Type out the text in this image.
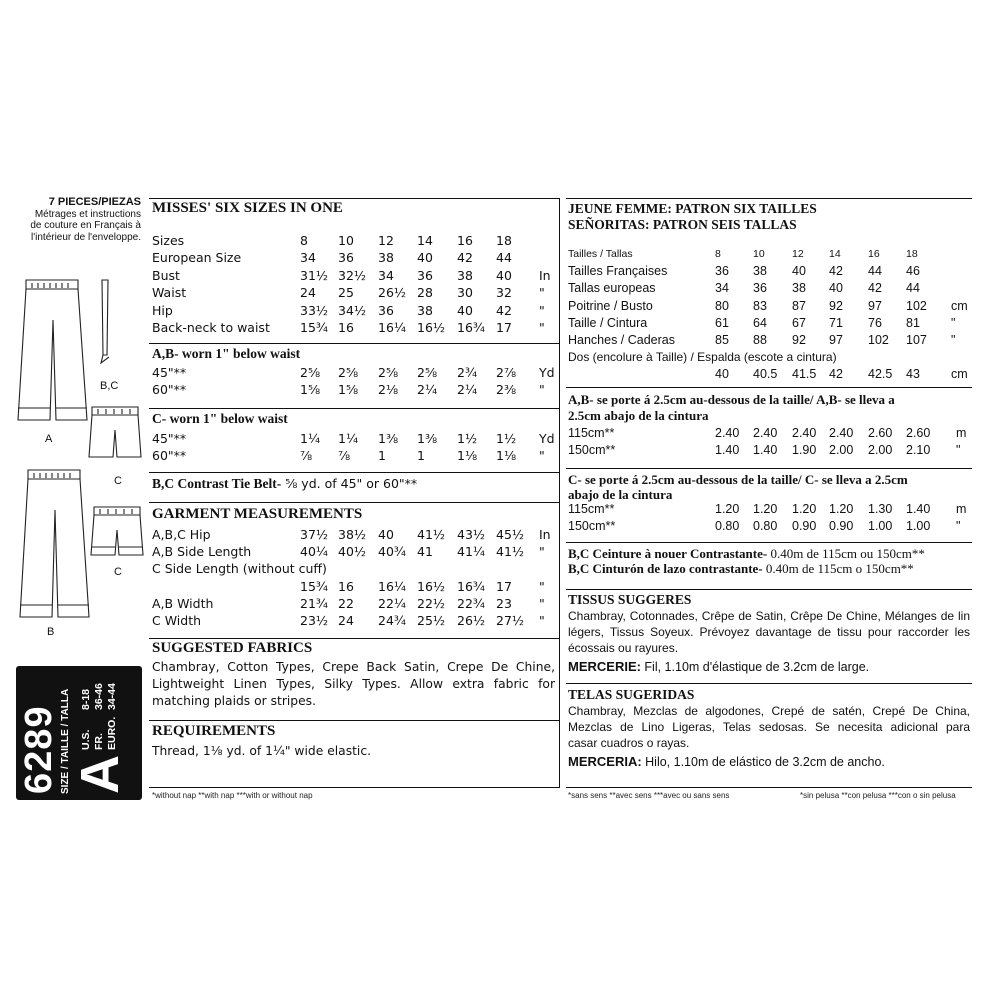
7 PIECES/PIEZAS
Métrages et instructions
de couture en Français à
l'intérieur de l'enveloppe.
A
B,C
C
C
B
6289 SIZE / TAILLE / TALLA A
U.S.8-18
FR.36-46
EURO.34-44
MISSES' SIX SIZES IN ONE
Sizes	8 10 12 14 16 18
European Size	34 36 38 40 42 44
Bust	31½ 32½ 34 36 38 40 In
Waist	24 25 26½ 28 30 32 "
Hip	33½ 34½ 36 38 40 42 "
Back-neck to waist 15¾ 16 16¼ 16½ 16¾ 17 "
A,B- worn 1" below waist
45"**	2⅝ 2⅝ 2⅝ 2⅝ 2¾ 2⅞ Yd
60"**	1⅝ 1⅝ 2⅛ 2¼ 2¼ 2⅜ "
C- worn 1" below waist
45"**	1¼ 1¼ 1⅜ 1⅜ 1½ 1½ Yd
60"**	⅞ ⅞ 1 1	1⅛ 1⅛ "
B,C Contrast Tie Belt- ⅝ yd. of 45" or 60"**
GARMENT MEASUREMENTS
A,B,C Hip	37½ 38½ 40 41½ 43½ 45½ In
A,B Side Length	40¼ 40½ 40¾ 41 41¼ 41½ "
C Side Length (without cuff)
15¾ 16 16¼ 16½ 16¾ 17 "
A,B Width	21¾ 22 22¼ 22½ 22¾ 23 "
C Width	23½ 24 24¾ 25½ 26½ 27½ "
SUGGESTED FABRICS
Chambray, Cotton Types, Crepe Back Satin, Crepe De Chine,
Lightweight Linen Types, Silky Types. Allow extra fabric for
matching plaids or stripes.
REQUIREMENTS
Thread, 1⅛ yd. of 1¼" wide elastic.
*without nap **with nap ***with or without nap
JEUNE FEMME: PATRON SIX TAILLES
SEÑORITAS: PATRON SEIS TALLAS
Tailles / Tallas	8	10	12 14	16	18
Tailles Françaises	36 38 40 42 44 46
Tallas europeas	34 36 38 40 42 44
Poitrine / Busto	80 83 87 92 97 102 cm
Taille / Cintura	61 64 67 71 76 81 "
Hanches / Caderas	85 88 92 97 102 107 "
Dos (encolure à Taille) / Espalda (escote a cintura)
40 40.5 41.5 42 42.5 43 cm
A,B- se porte á 2.5cm au-dessous de la taille/ A,B- se lleva a
2.5cm abajo de la cintura
115cm**	2.40 2.40 2.40 2.40 2.60 2.60 m
150cm**	1.40 1.40 1.90 2.00 2.00 2.10 "
C- se porte á 2.5cm au-dessous de la taille/ C- se lleva a 2.5cm
abajo de la cintura
115cm**	1.20 1.20 1.20 1.20 1.30 1.40 m
150cm**	0.80 0.80 0.90 0.90 1.00 1.00 "
B,C Ceinture à nouer Contrastante- 0.40m de 115cm ou 150cm**
B,C Cinturón de lazo contrastante- 0.40m de 115cm o 150cm**
TISSUS SUGGERES
Chambray, Cotonnades, Crêpe de Satin, Crêpe De Chine, Mélanges de lin
légers, Tissus Soyeux. Prévoyez davantage de tissu pour raccorder les
écossais ou rayures.
MERCERIE: Fil, 1.10m d'élastique de 3.2cm de large.
TELAS SUGERIDAS
Chambray, Mezclas de algodones, Crepé de satén, Crepé De China,
Mezclas de Lino Ligeras, Telas sedosas. Se necesita adicional para
casar cuadros o rayas.
MERCERIA: Hilo, 1.10m de elástico de 3.2cm de ancho.
*sans sens **avec sens ***avec ou sans sens	*sin pelusa **con pelusa ***con o sin pelusa
